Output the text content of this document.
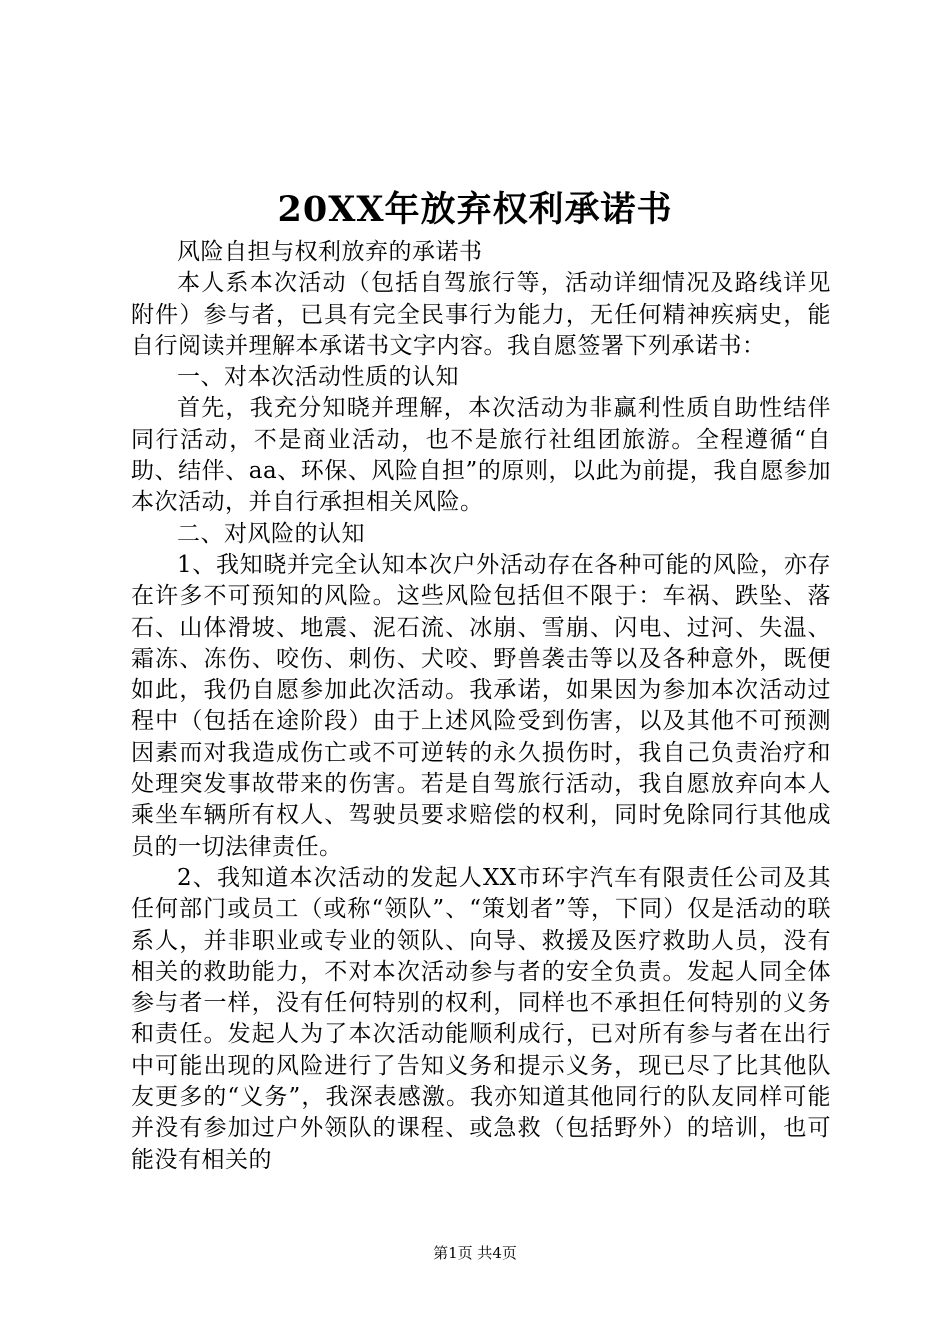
20XX年放弃权利承诺书

风险自担与权利放弃的承诺书

本人系本次活动（包括自驾旅行等，活动详细情况及路线详见附件）参与者，已具有完全民事行为能力，无任何精神疾病史，能自行阅读并理解本承诺书文字内容。我自愿签署下列承诺书：

一、对本次活动性质的认知

首先，我充分知晓并理解，本次活动为非赢利性质自助性结伴同行活动，不是商业活动，也不是旅行社组团旅游。全程遵循“自助、结伴、aa、环保、风险自担”的原则，以此为前提，我自愿参加本次活动，并自行承担相关风险。

二、对风险的认知

1、我知晓并完全认知本次户外活动存在各种可能的风险，亦存在许多不可预知的风险。这些风险包括但不限于：车祸、跌坠、落石、山体滑坡、地震、泥石流、冰崩、雪崩、闪电、过河、失温、霜冻、冻伤、咬伤、刺伤、犬咬、野兽袭击等以及各种意外，既便如此，我仍自愿参加此次活动。我承诺，如果因为参加本次活动过程中（包括在途阶段）由于上述风险受到伤害，以及其他不可预测因素而对我造成伤亡或不可逆转的永久损伤时，我自己负责治疗和处理突发事故带来的伤害。若是自驾旅行活动，我自愿放弃向本人乘坐车辆所有权人、驾驶员要求赔偿的权利，同时免除同行其他成员的一切法律责任。

2、我知道本次活动的发起人XX市环宇汽车有限责任公司及其任何部门或员工（或称“领队”、“策划者”等，下同）仅是活动的联系人，并非职业或专业的领队、向导、救援及医疗救助人员，没有相关的救助能力，不对本次活动参与者的安全负责。发起人同全体参与者一样，没有任何特别的权利，同样也不承担任何特别的义务和责任。发起人为了本次活动能顺利成行，已对所有参与者在出行中可能出现的风险进行了告知义务和提示义务，现已尽了比其他队友更多的“义务”，我深表感激。我亦知道其他同行的队友同样可能并没有参加过户外领队的课程、或急救（包括野外）的培训，也可能没有相关的

第1页 共4页
